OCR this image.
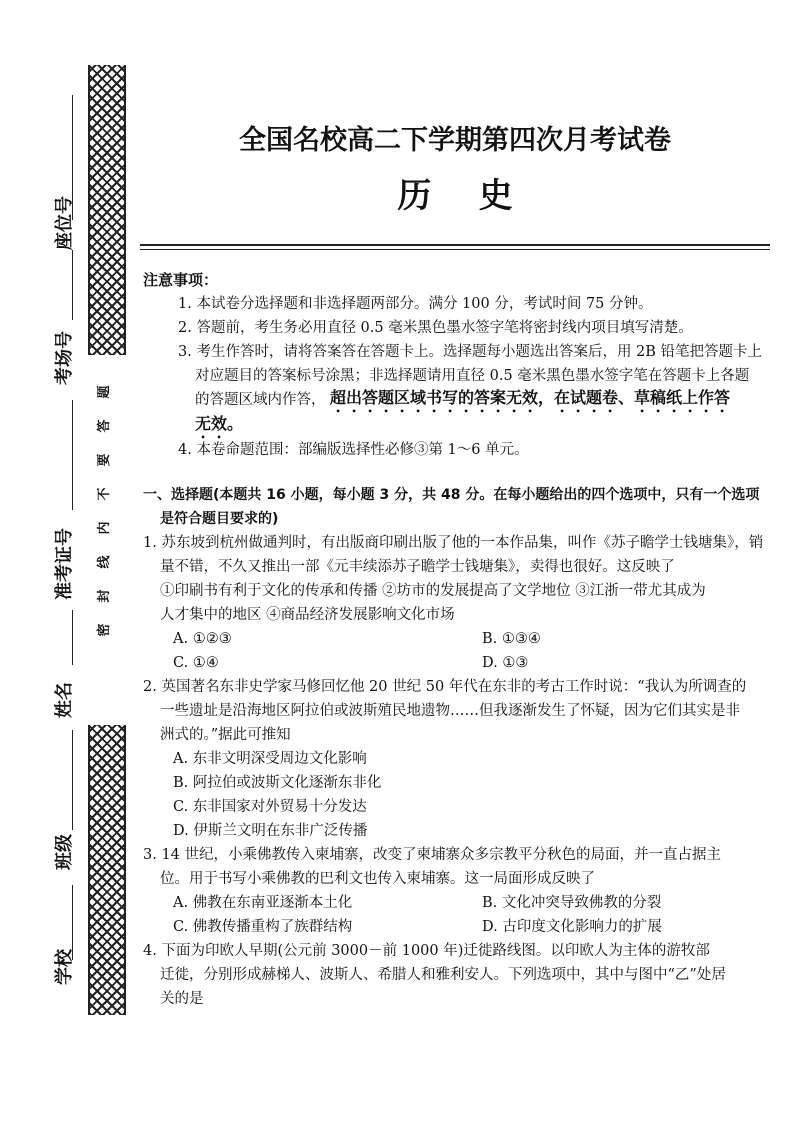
座位号
考场号
准考证号
姓名
班级
学校
题
答
要
不
内
线
封
密
全国名校高二下学期第四次月考试卷
历    史
注意事项：
1. 本试卷分选择题和非选择题两部分。满分 100 分，考试时间 75 分钟。
2. 答题前，考生务必用直径 0.5 毫米黑色墨水签字笔将密封线内项目填写清楚。
3. 考生作答时，请将答案答在答题卡上。选择题每小题选出答案后，用 2B 铅笔把答题卡上
对应题目的答案标号涂黑；非选择题请用直径 0.5 毫米黑色墨水签字笔在答题卡上各题
的答题区域内作答， 超出答题区域书写的答案无效，在试题卷、草稿纸上作答
无效。
4. 本卷命题范围：部编版选择性必修③第 1～6 单元。
一、选择题(本题共 16 小题，每小题 3 分，共 48 分。在每小题给出的四个选项中，只有一个选项
是符合题目要求的)
1. 苏东坡到杭州做通判时，有出版商印刷出版了他的一本作品集，叫作《苏子瞻学士钱塘集》，销
量不错，不久又推出一部《元丰续添苏子瞻学士钱塘集》，卖得也很好。这反映了
①印刷书有利于文化的传承和传播 ②坊市的发展提高了文学地位 ③江浙一带尤其成为
人才集中的地区 ④商品经济发展影响文化市场
A. ①②③	B. ①③④
C. ①④	D. ①③
2. 英国著名东非史学家马修回忆他 20 世纪 50 年代在东非的考古工作时说：“我认为所调查的
一些遗址是沿海地区阿拉伯或波斯殖民地遗物……但我逐渐发生了怀疑，因为它们其实是非
洲式的。”据此可推知
A. 东非文明深受周边文化影响
B. 阿拉伯或波斯文化逐渐东非化
C. 东非国家对外贸易十分发达
D. 伊斯兰文明在东非广泛传播
3. 14 世纪，小乘佛教传入柬埔寨，改变了柬埔寨众多宗教平分秋色的局面，并一直占据主
位。用于书写小乘佛教的巴利文也传入柬埔寨。这一局面形成反映了
A. 佛教在东南亚逐渐本土化	B. 文化冲突导致佛教的分裂
C. 佛教传播重构了族群结构	D. 古印度文化影响力的扩展
4. 下面为印欧人早期(公元前 3000－前 1000 年)迁徙路线图。以印欧人为主体的游牧部
迁徙，分别形成赫梯人、波斯人、希腊人和雅利安人。下列选项中，其中与图中“乙”处居
关的是
